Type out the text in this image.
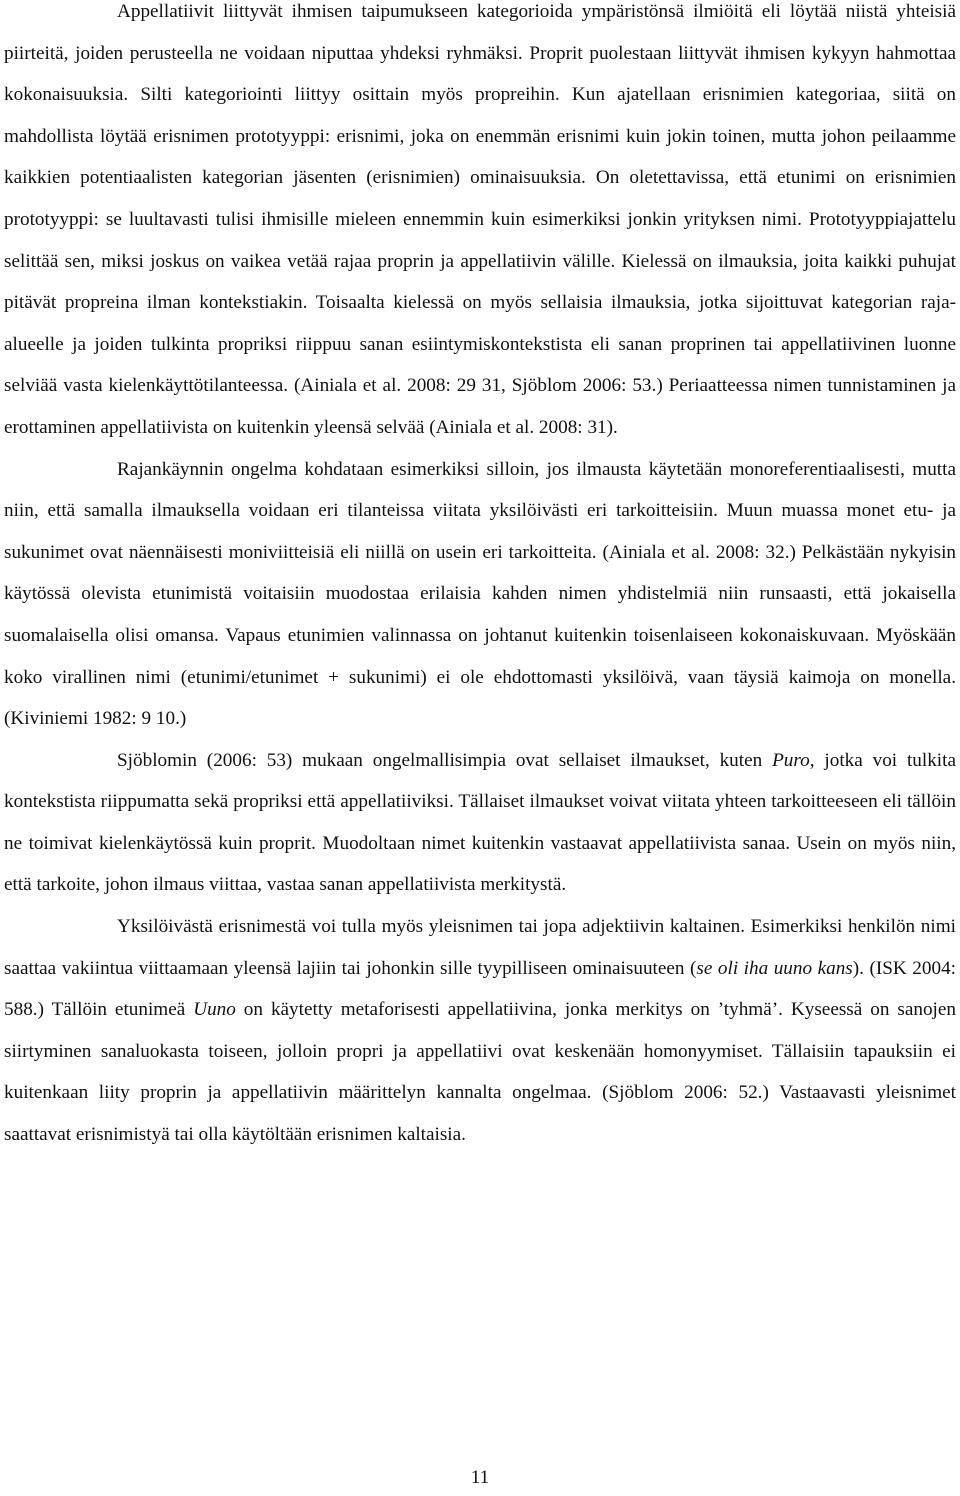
Appellatiivit liittyvät ihmisen taipumukseen kategorioida ympäristönsä ilmiöitä eli löytää niistä yhteisiä piirteitä, joiden perusteella ne voidaan niputtaa yhdeksi ryhmäksi. Proprit puolestaan liittyvät ihmisen kykyyn hahmottaa kokonaisuuksia. Silti kategoriointi liittyy osittain myös propreihin. Kun ajatellaan erisnimien kategoriaa, siitä on mahdollista löytää erisnimen prototyyppi: erisnimi, joka on enemmän erisnimi kuin jokin toinen, mutta johon peilaamme kaikkien potentiaalisten kategorian jäsenten (erisnimien) ominaisuuksia. On oletettavissa, että etunimi on erisnimien prototyyppi: se luultavasti tulisi ihmisille mieleen ennemmin kuin esimerkiksi jonkin yrityksen nimi. Prototyyppiajattelu selittää sen, miksi joskus on vaikea vetää rajaa proprin ja appellatiivin välille. Kielessä on ilmauksia, joita kaikki puhujat pitävät propreina ilman kontekstiakin. Toisaalta kielessä on myös sellaisia ilmauksia, jotka sijoittuvat kategorian raja-alueelle ja joiden tulkinta propriksi riippuu sanan esiintymiskontekstista eli sanan proprinen tai appellatiivinen luonne selviää vasta kielenkäyttötilanteessa. (Ainiala et al. 2008: 29 31, Sjöblom 2006: 53.) Periaatteessa nimen tunnistaminen ja erottaminen appellatiivista on kuitenkin yleensä selvää (Ainiala et al. 2008: 31).

Rajankäynnin ongelma kohdataan esimerkiksi silloin, jos ilmausta käytetään monoreferentiaalisesti, mutta niin, että samalla ilmauksella voidaan eri tilanteissa viitata yksilöivästi eri tarkoitteisiin. Muun muassa monet etu- ja sukunimet ovat näennäisesti moniviitteisiä eli niillä on usein eri tarkoitteita. (Ainiala et al. 2008: 32.) Pelkästään nykyisin käytössä olevista etunimistä voitaisiin muodostaa erilaisia kahden nimen yhdistelmiä niin runsaasti, että jokaisella suomalaisella olisi omansa. Vapaus etunimien valinnassa on johtanut kuitenkin toisenlaiseen kokonaiskuvaan. Myöskään koko virallinen nimi (etunimi/etunimet + sukunimi) ei ole ehdottomasti yksilöivä, vaan täysiä kaimoja on monella. (Kiviniemi 1982: 9 10.)

Sjöblomin (2006: 53) mukaan ongelmallisimpia ovat sellaiset ilmaukset, kuten Puro, jotka voi tulkita kontekstista riippumatta sekä propriksi että appellatiiviksi. Tällaiset ilmaukset voivat viitata yhteen tarkoitteeseen eli tällöin ne toimivat kielenkäytössä kuin proprit. Muodoltaan nimet kuitenkin vastaavat appellatiivista sanaa. Usein on myös niin, että tarkoite, johon ilmaus viittaa, vastaa sanan appellatiivista merkitystä.

Yksilöivästä erisnimestä voi tulla myös yleisnimen tai jopa adjektiivin kaltainen. Esimerkiksi henkilön nimi saattaa vakiintua viittaamaan yleensä lajiin tai johonkin sille tyypilliseen ominaisuuteen (se oli iha uuno kans). (ISK 2004: 588.) Tällöin etunimeä Uuno on käytetty metaforisesti appellatiivina, jonka merkitys on ’tyhmä’. Kyseessä on sanojen siirtyminen sanaluokasta toiseen, jolloin propri ja appellatiivi ovat keskenään homonyymiset. Tällaisiin tapauksiin ei kuitenkaan liity proprin ja appellatiivin määrittelyn kannalta ongelmaa. (Sjöblom 2006: 52.) Vastaavasti yleisnimet saattavat erisnimistyä tai olla käytöltään erisnimen kaltaisia.

11
